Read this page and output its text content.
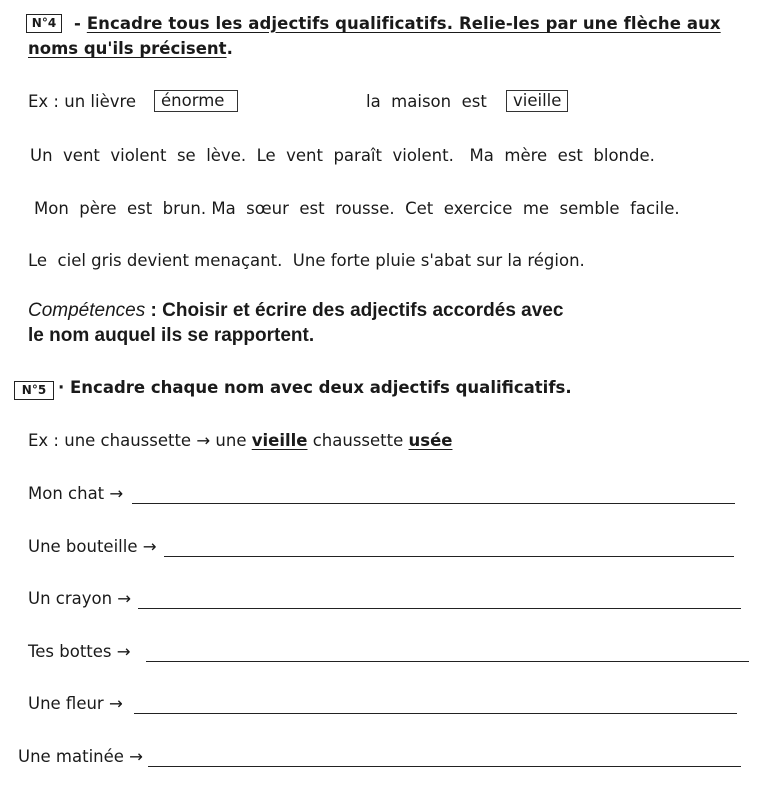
N°4	- Encadre tous les adjectifs qualificatifs. Relie-les par une flèche aux
noms qu'ils précisent.
Ex : un lièvre	énorme	la  maison  est	vieille
Un  vent  violent  se  lève.  Le  vent  paraît  violent.   Ma  mère  est  blonde.
Mon  père  est  brun. Ma  sœur  est  rousse.  Cet  exercice  me  semble  facile.
Le  ciel gris devient menaçant.  Une forte pluie s'abat sur la région.
Compétences : Choisir et écrire des adjectifs accordés avec
le nom auquel ils se rapportent.
N°5 · Encadre chaque nom avec deux adjectifs qualificatifs.
Ex : une chaussette → une vieille chaussette usée
Mon chat →
Une bouteille →
Un crayon →
Tes bottes →
Une fleur →
Une matinée →
